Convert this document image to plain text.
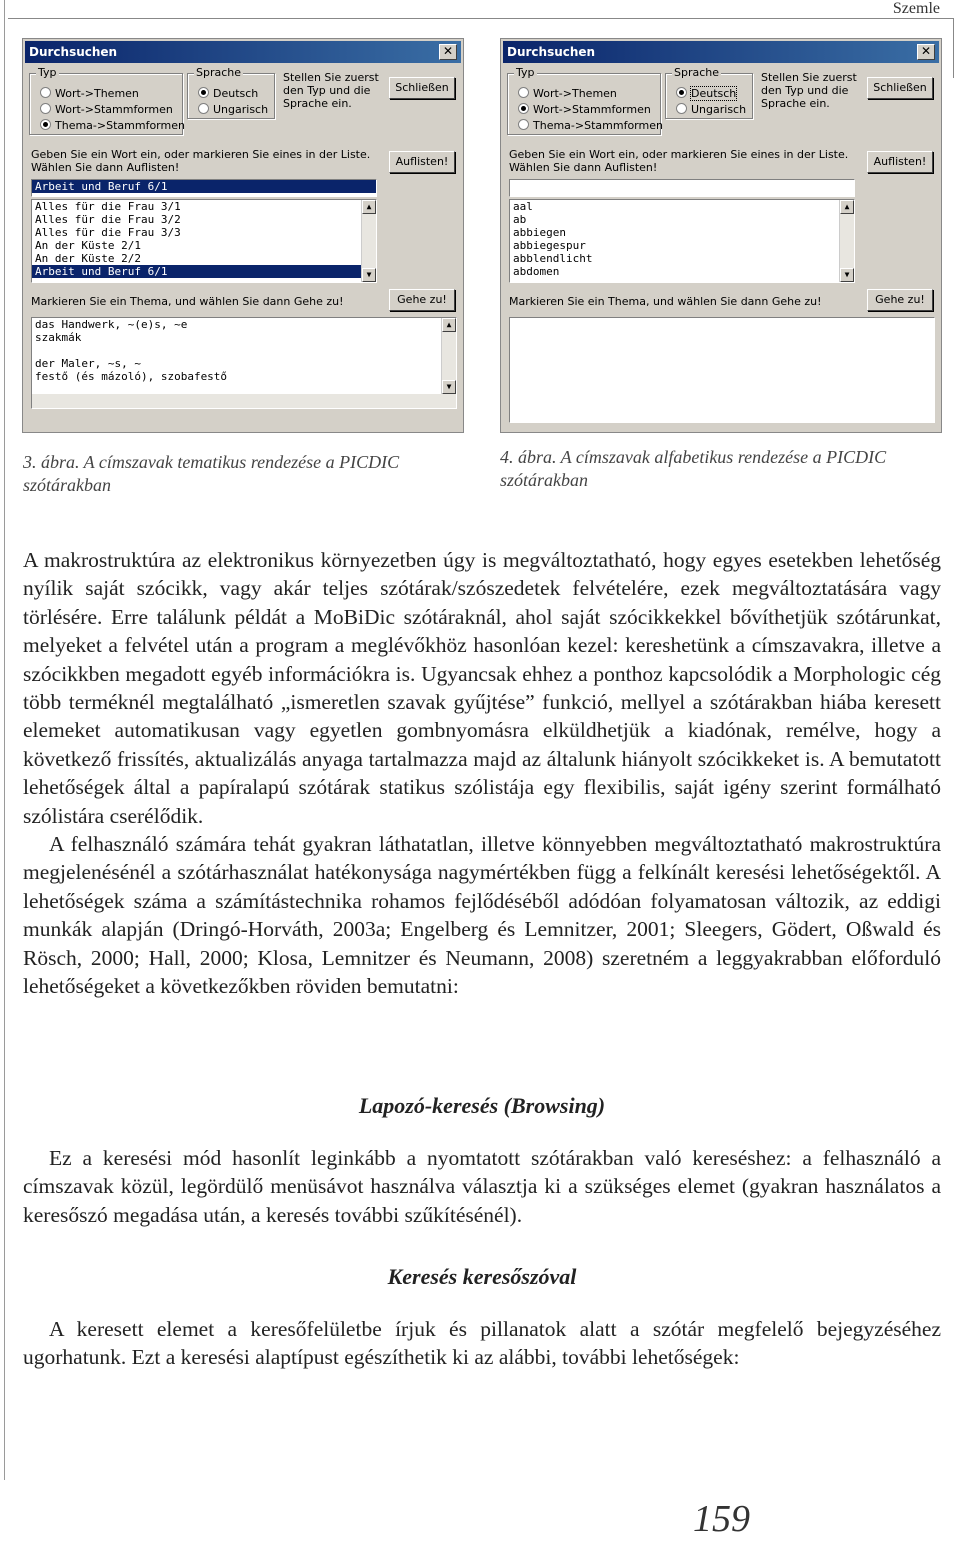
Szemle
Durchsuchen	✕
Typ
Wort->Themen
Wort->Stammformen
Thema->Stammformen
Sprache
Deutsch
Ungarisch
Stellen Sie zuerst den Typ und die Sprache ein.
Schließen
Geben Sie ein Wort ein, oder markieren Sie eines in der Liste. Wählen Sie dann Auflisten!	Auflisten!
Arbeit und Beruf 6/1
Alles für die Frau 3/1
Alles für die Frau 3/2
Alles für die Frau 3/3
An der Küste 2/1
An der Küste 2/2
Arbeit und Beruf 6/1
▲
▼
Markieren Sie ein Thema, und wählen Sie dann Gehe zu!	Gehe zu!
das Handwerk, ~(e)s, ~e
szakmák

der Maler, ~s, ~
festő (és mázoló), szobafestő

▲
▼
Durchsuchen	✕
Typ
Wort->Themen
Wort->Stammformen
Thema->Stammformen
Sprache
Deutsch
Ungarisch
Stellen Sie zuerst den Typ und die Sprache ein.
Schließen
Geben Sie ein Wort ein, oder markieren Sie eines in der Liste. Wählen Sie dann Auflisten!	Auflisten!
aal
ab
abbiegen
abbiegespur
abblendlicht
abdomen
▲
▼
Markieren Sie ein Thema, und wählen Sie dann Gehe zu!	Gehe zu!
3. ábra. A címszavak tematikus rendezése a PICDIC szótárakban
4. ábra. A címszavak alfabetikus rendezése a PICDIC szótárakban

A makrostruktúra az elektronikus környezetben úgy is megváltoztatható, hogy egyes esetekben lehetőség nyílik saját szócikk, vagy akár teljes szótárak/szószedetek felvételére, ezek megváltoztatására vagy törlésére. Erre találunk példát a MoBiDic szótáraknál, ahol saját szócikkekkel bővíthetjük szótárunkat, melyeket a felvétel után a program a meglévőkhöz hasonlóan kezel: kereshetünk a címszavakra, illetve a szócikkben megadott egyéb információkra is. Ugyancsak ehhez a ponthoz kapcsolódik a Morphologic cég több terméknél megtalálható „ismeretlen szavak gyűjtése” funkció, mellyel a szótárakban hiába keresett elemeket automatikusan vagy egyetlen gombnyomásra elküldhetjük a kiadónak, remélve, hogy a következő frissítés, aktualizálás anyaga tartalmazza majd az általunk hiányolt szócikkeket is. A bemutatott lehetőségek által a papíralapú szótárak statikus szólistája egy flexibilis, saját igény szerint formálható szólistára cserélődik.

A felhasználó számára tehát gyakran láthatatlan, illetve könnyebben megváltoztatható makrostruktúra megjelenésénél a szótárhasználat hatékonysága nagymértékben függ a felkínált keresési lehetőségektől. A lehetőségek száma a számítástechnika rohamos fejlődéséből adódóan folyamatosan változik, az eddigi munkák alapján (Dringó-Horváth, 2003a; Engelberg és Lemnitzer, 2001; Sleegers, Gödert, Oßwald és Rösch, 2000; Hall, 2000; Klosa, Lemnitzer és Neumann, 2008) szeretném a leggyakrabban előforduló lehetőségeket a következőkben röviden bemutatni:

Lapozó-keresés (Browsing)

Ez a keresési mód hasonlít leginkább a nyomtatott szótárakban való kereséshez: a felhasználó a címszavak közül, legördülő menüsávot használva választja ki a szükséges elemet (gyakran használatos a keresőszó megadása után, a keresés további szűkítésénél).

Keresés keresőszóval

A keresett elemet a keresőfelületbe írjuk és pillanatok alatt a szótár megfelelő bejegyzéséhez ugorhatunk. Ezt a keresési alaptípust egészíthetik ki az alábbi, további lehetőségek:

159
